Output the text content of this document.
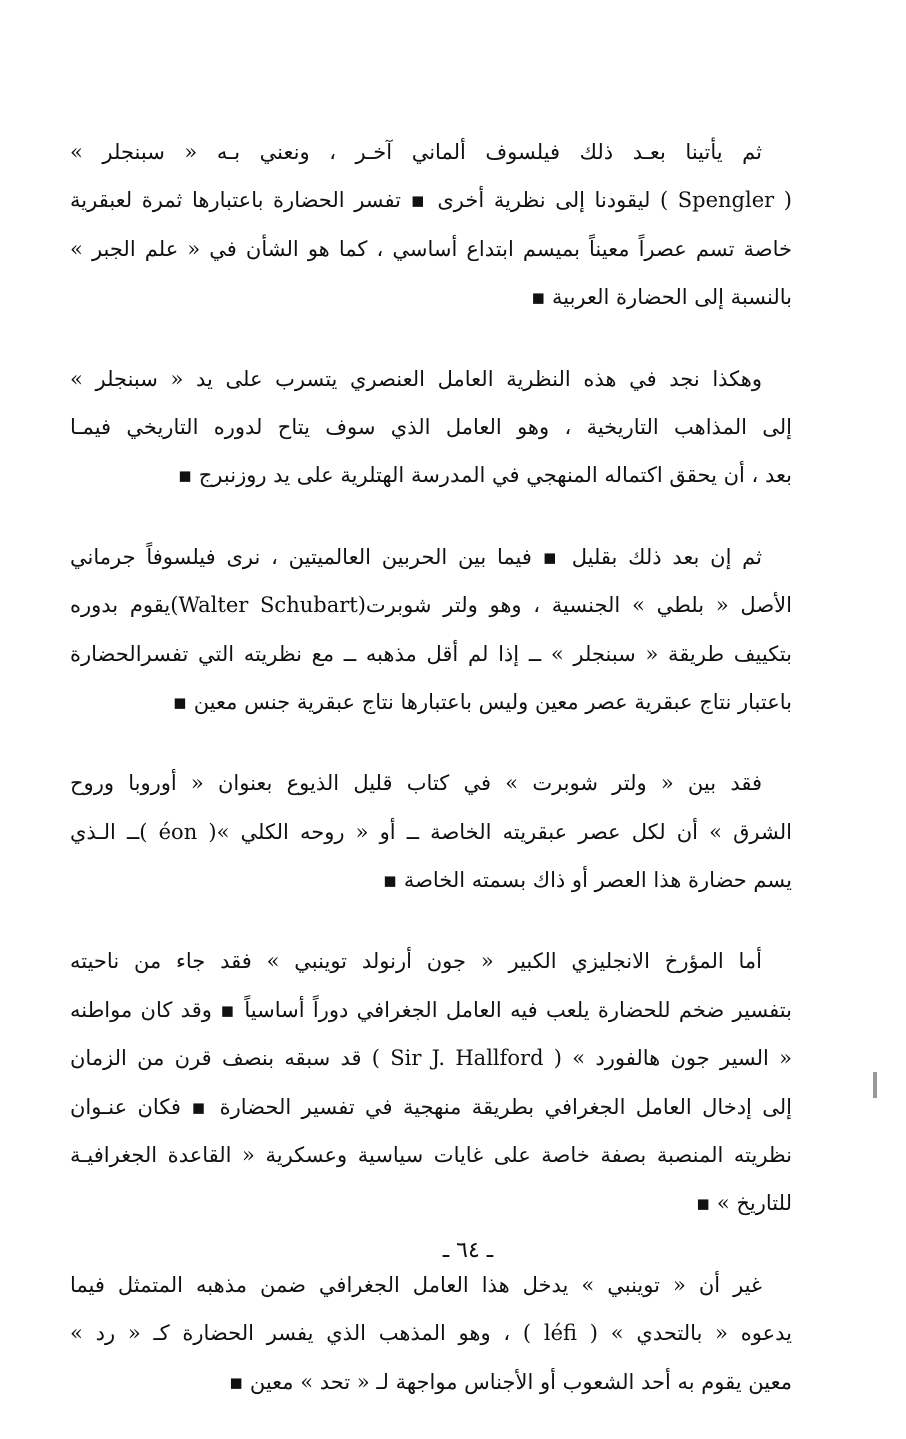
ثم يأتينا بعـد ذلك فيلسوف ألماني آخـر ، ونعني بـه « سبنجلر »
( Spengler ) ليقودنا إلى نظرية أخرى ▪ تفسر الحضارة باعتبارها ثمرة لعبقرية
خاصة تسم عصراً معيناً بميسم ابتداع أساسي ، كما هو الشأن في « علم الجبر »
بالنسبة إلى الحضارة العربية ▪
وهكذا نجد في هذه النظرية العامل العنصري يتسرب على يد « سبنجلر »
إلى المذاهب التاريخية ، وهو العامل الذي سوف يتاح لدوره التاريخي فيمـا
بعد ، أن يحقق اكتماله المنهجي في المدرسة الهتلرية على يد روزنبرج ▪
ثم إن بعد ذلك بقليل ▪ فيما بين الحربين العالميتين ، نرى فيلسوفاً جرماني
الأصل « بلطي » الجنسية ، وهو ولتر شوبرت(Walter Schubart)يقوم بدوره
بتكييف طريقة « سبنجلر » ــ إذا لم أقل مذهبه ــ مع نظريته التي تفسرالحضارة
باعتبار نتاج عبقرية عصر معين وليس باعتبارها نتاج عبقرية جنس معين ▪
فقد بين « ولتر شوبرت » في كتاب قليل الذيوع بعنوان « أوروبا وروح
الشرق » أن لكل عصر عبقريته الخاصة ــ أو « روحه الكلي »( éon )ــ الـذي
يسم حضارة هذا العصر أو ذاك بسمته الخاصة ▪
أما المؤرخ الانجليزي الكبير « جون أرنولد توينبي » فقد جاء من ناحيته
بتفسير ضخم للحضارة يلعب فيه العامل الجغرافي دوراً أساسياً ▪ وقد كان مواطنه
« السير جون هالفورد » ( Sir J. Hallford ) قد سبقه بنصف قرن من الزمان
إلى إدخال العامل الجغرافي بطريقة منهجية في تفسير الحضارة ▪ فكان عنـوان
نظريته المنصبة بصفة خاصة على غايات سياسية وعسكرية « القاعدة الجغرافيـة
للتاريخ » ▪
غير أن « توينبي » يدخل هذا العامل الجغرافي ضمن مذهبه المتمثل فيما
يدعوه « بالتحدي » ( léfi ) ، وهو المذهب الذي يفسر الحضارة كـ « رد »
معين يقوم به أحد الشعوب أو الأجناس مواجهة لـ « تحد » معين ▪
ـ ٦٤ ـ
